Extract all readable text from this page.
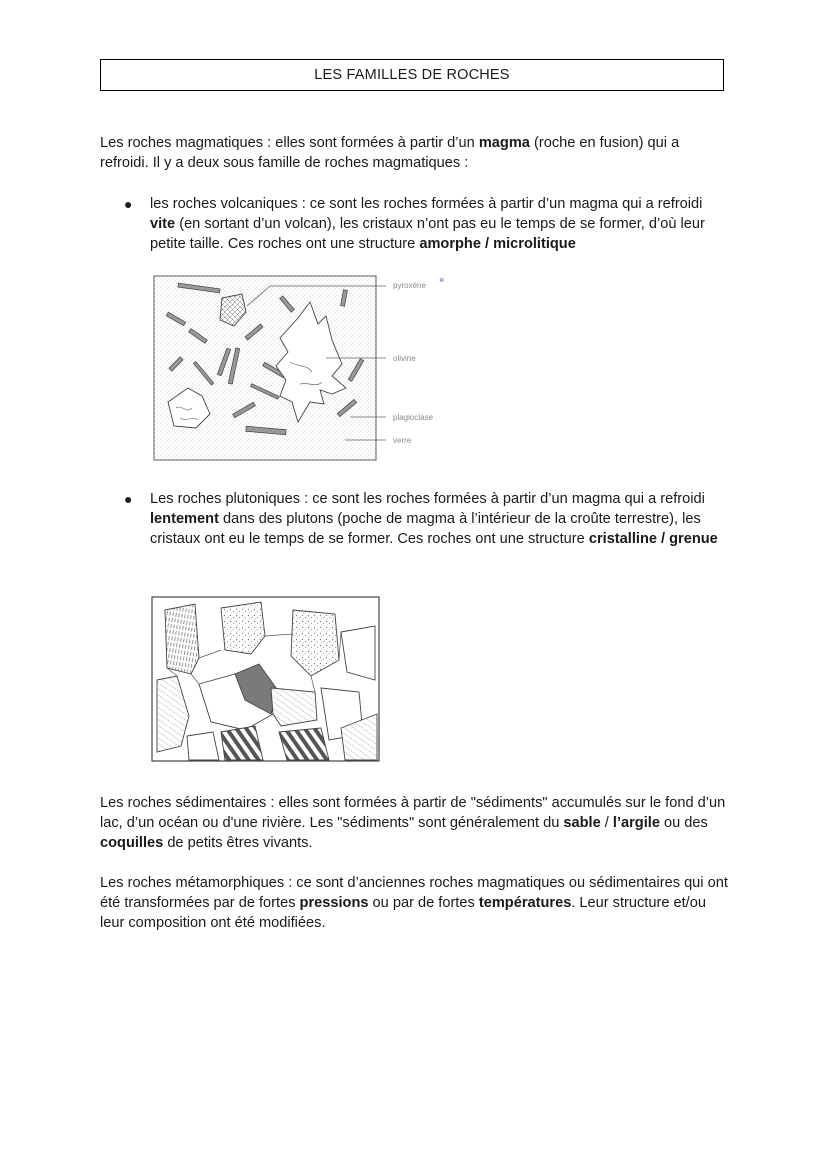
LES FAMILLES DE ROCHES

Les roches magmatiques : elles sont formées à partir d’un magma (roche en fusion) qui a refroidi. Il y a deux sous famille de roches magmatiques :

● les roches volcaniques : ce sont les roches formées à partir d’un magma qui a refroidi vite (en sortant d’un volcan), les cristaux n’ont pas eu le temps de se former, d’où leur petite taille. Ces roches ont une structure amorphe / microlitique
pyroxène
×
olivine
plagioclase
verre
● Les roches plutoniques : ce sont les roches formées à partir d’un magma qui a refroidi lentement dans des plutons (poche de magma à l’intérieur de la croûte terrestre), les cristaux ont eu le temps de se former. Ces roches ont une structure cristalline / grenue

Les roches sédimentaires : elles sont formées à partir de "sédiments" accumulés sur le fond d’un lac, d’un océan ou d'une rivière. Les "sédiments" sont généralement du sable / l’argile ou des coquilles de petits êtres vivants.

Les roches métamorphiques : ce sont d’anciennes roches magmatiques ou sédimentaires qui ont été transformées par de fortes pressions ou par de fortes températures. Leur structure et/ou leur composition ont été modifiées.
